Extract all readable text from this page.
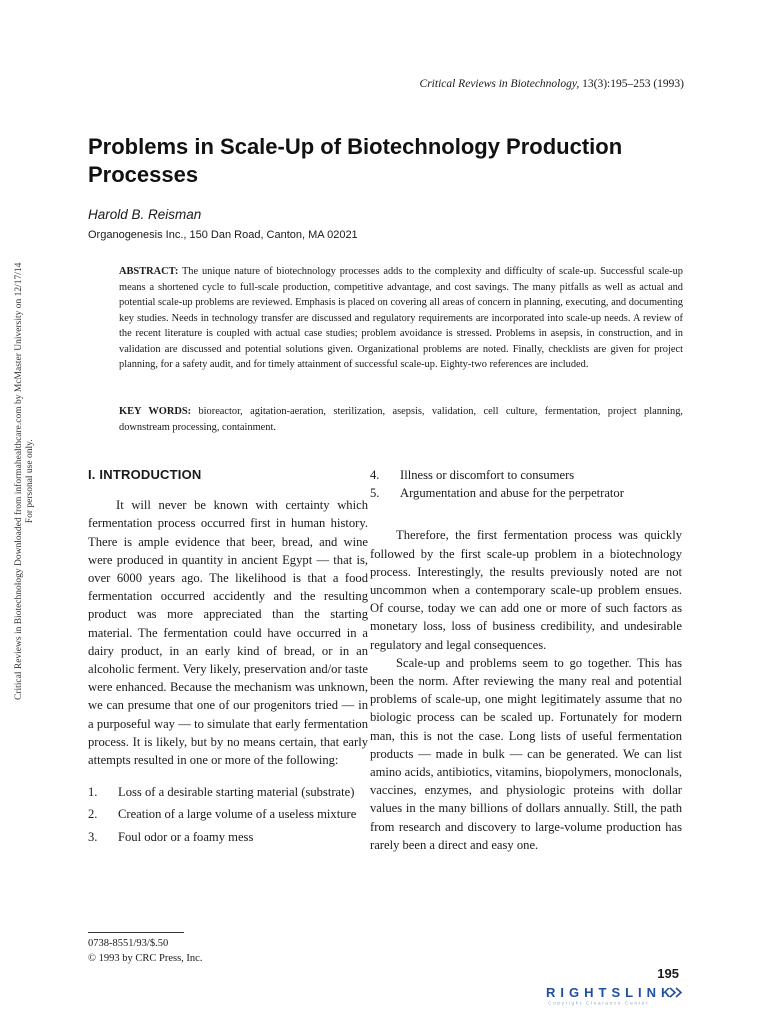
Critical Reviews in Biotechnology Downloaded from informahealthcare.com by McMaster University on 12/17/14 For personal use only.
Critical Reviews in Biotechnology, 13(3):195–253 (1993)
Problems in Scale-Up of Biotechnology Production Processes
Harold B. Reisman
Organogenesis Inc., 150 Dan Road, Canton, MA 02021

ABSTRACT: The unique nature of biotechnology processes adds to the complexity and difficulty of scale-up. Successful scale-up means a shortened cycle to full-scale production, competitive advantage, and cost savings. The many pitfalls as well as actual and potential scale-up problems are reviewed. Emphasis is placed on covering all areas of concern in planning, executing, and documenting key studies. Needs in technology transfer are discussed and regulatory requirements are incorporated into scale-up needs. A review of the recent literature is coupled with actual case studies; problem avoidance is stressed. Problems in asepsis, in construction, and in validation are discussed and potential solutions given. Organizational problems are noted. Finally, checklists are given for project planning, for a safety audit, and for timely attainment of successful scale-up. Eighty-two references are included.

KEY WORDS: bioreactor, agitation-aeration, sterilization, asepsis, validation, cell culture, fermentation, project planning, downstream processing, containment.

I. INTRODUCTION

It will never be known with certainty which fermentation process occurred first in human history. There is ample evidence that beer, bread, and wine were produced in quantity in ancient Egypt — that is, over 6000 years ago. The likelihood is that a food fermentation occurred accidently and the resulting product was more appreciated than the starting material. The fermentation could have occurred in a dairy product, in an early kind of bread, or in an alcoholic ferment. Very likely, preservation and/or taste were enhanced. Because the mechanism was unknown, we can presume that one of our progenitors tried — in a purposeful way — to simulate that early fermentation process. It is likely, but by no means certain, that early attempts resulted in one or more of the following:

1. Loss of a desirable starting material (substrate)
2. Creation of a large volume of a useless mixture
3. Foul odor or a foamy mess
4. Illness or discomfort to consumers
5. Argumentation and abuse for the perpetrator

Therefore, the first fermentation process was quickly followed by the first scale-up problem in a biotechnology process. Interestingly, the results previously noted are not uncommon when a contemporary scale-up problem ensues. Of course, today we can add one or more of such factors as monetary loss, loss of business credibility, and undesirable regulatory and legal consequences.

Scale-up and problems seem to go together. This has been the norm. After reviewing the many real and potential problems of scale-up, one might legitimately assume that no biologic process can be scaled up. Fortunately for modern man, this is not the case. Long lists of useful fermentation products — made in bulk — can be generated. We can list amino acids, antibiotics, vitamins, biopolymers, monoclonals, vaccines, enzymes, and physiologic proteins with dollar values in the many billions of dollars annually. Still, the path from research and discovery to large-volume production has rarely been a direct and easy one.

0738-8551/93/$.50
© 1993 by CRC Press, Inc.
195
RIGHTSLINK
Copyright Clearance Center
